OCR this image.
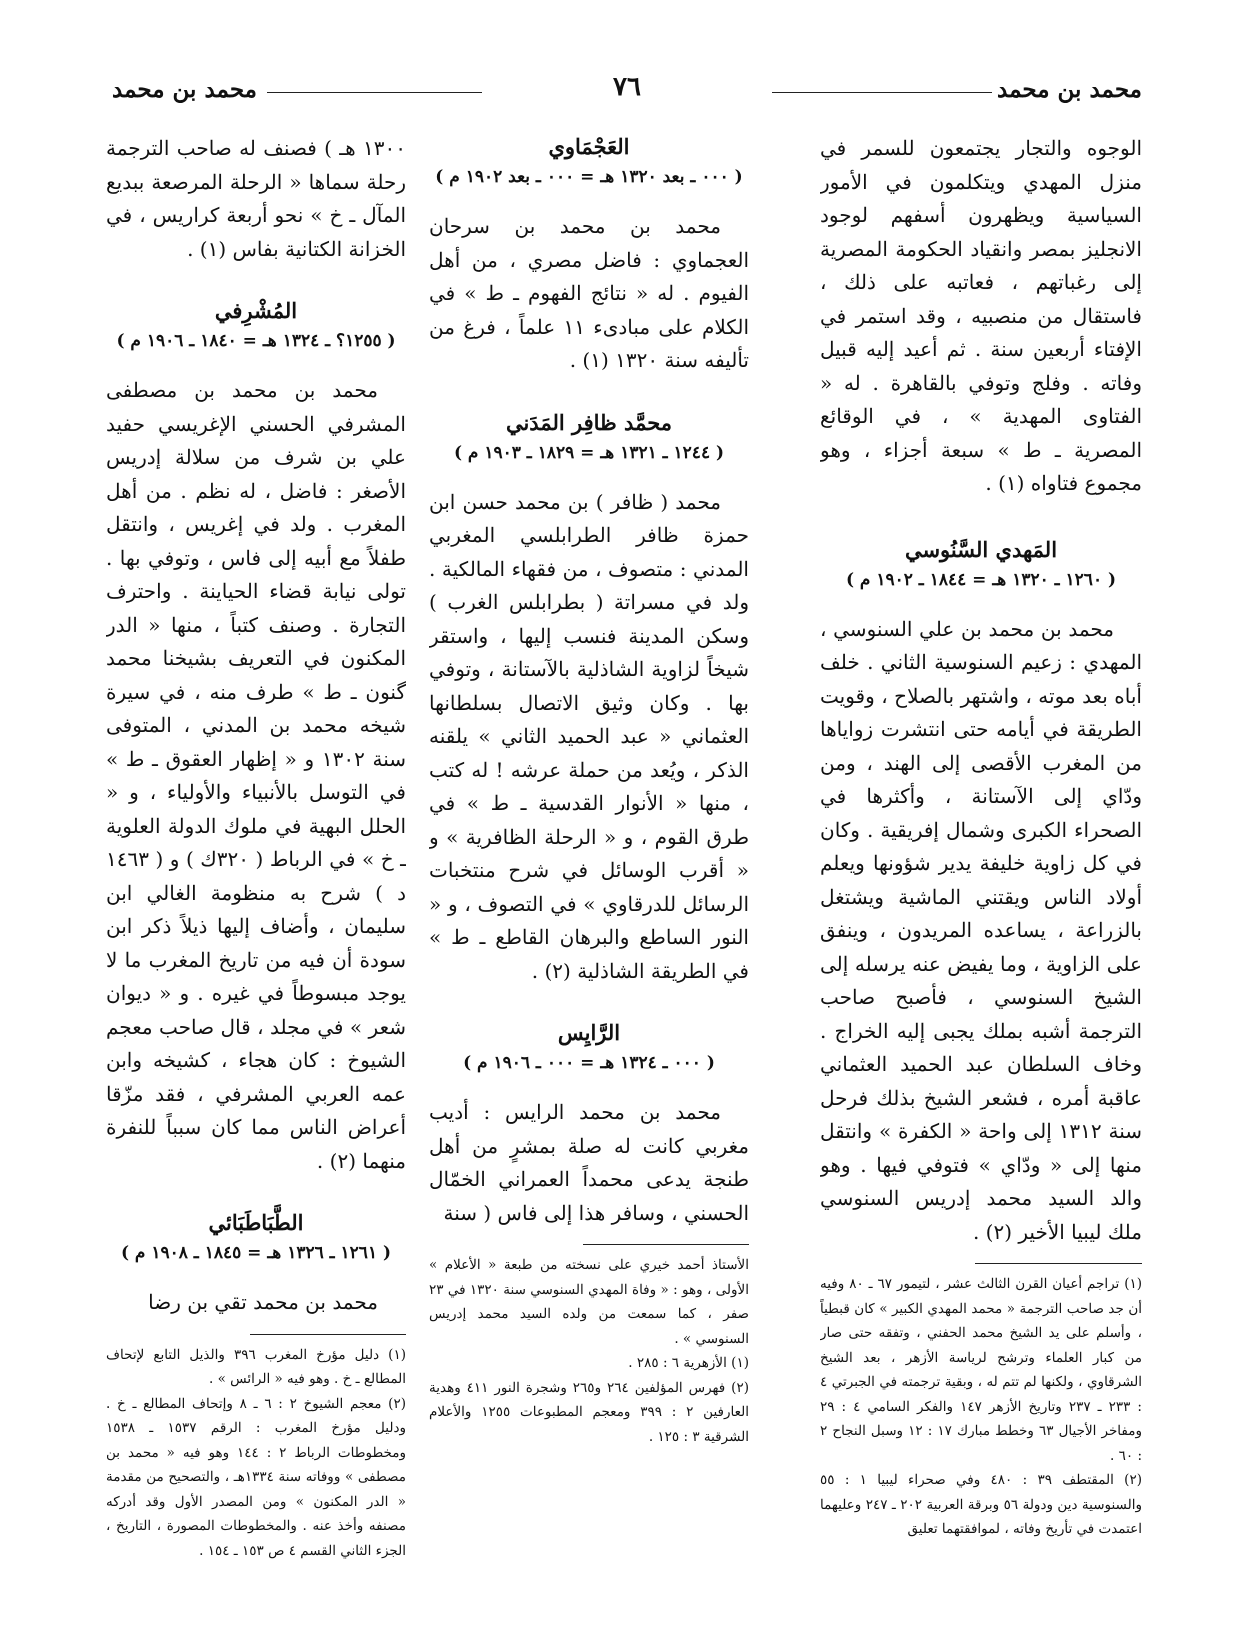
محمد بن محمد
٧٦
محمد بن محمد

الوجوه والتجار يجتمعون للسمر في منزل المهدي ويتكلمون في الأمور السياسية ويظهرون أسفهم لوجود الانجليز بمصر وانقياد الحكومة المصرية إلى رغباتهم ، فعاتبه على ذلك ، فاستقال من منصبيه ، وقد استمر في الإفتاء أربعين سنة . ثم أعيد إليه قبيل وفاته . وفلج وتوفي بالقاهرة . له « الفتاوى المهدية » ، في الوقائع المصرية ـ ط » سبعة أجزاء ، وهو مجموع فتاواه (١) .

المَهدي السَّنُوسي
( ١٢٦٠ ـ ١٣٢٠ هـ = ١٨٤٤ ـ ١٩٠٢ م )

محمد بن محمد بن علي السنوسي ، المهدي : زعيم السنوسية الثاني . خلف أباه بعد موته ، واشتهر بالصلاح ، وقويت الطريقة في أيامه حتى انتشرت زواياها من المغرب الأقصى إلى الهند ، ومن ودّاي إلى الآستانة ، وأكثرها في الصحراء الكبرى وشمال إفريقية . وكان في كل زاوية خليفة يدير شؤونها ويعلم أولاد الناس ويقتني الماشية ويشتغل بالزراعة ، يساعده المريدون ، وينفق على الزاوية ، وما يفيض عنه يرسله إلى الشيخ السنوسي ، فأصبح صاحب الترجمة أشبه بملك يجبى إليه الخراج . وخاف السلطان عبد الحميد العثماني عاقبة أمره ، فشعر الشيخ بذلك فرحل سنة ١٣١٢ إلى واحة « الكفرة » وانتقل منها إلى « ودّاي » فتوفي فيها . وهو والد السيد محمد إدريس السنوسي ملك ليبيا الأخير (٢) .

(١) تراجم أعيان القرن الثالث عشر ، لتيمور ٦٧ ـ ٨٠ وفيه أن جد صاحب الترجمة « محمد المهدي الكبير » كان قبطياً ، وأسلم على يد الشيخ محمد الحفني ، وتفقه حتى صار من كبار العلماء وترشح لرياسة الأزهر ، بعد الشيخ الشرقاوي ، ولكنها لم تتم له ، وبقية ترجمته في الجبرتي ٤ : ٢٣٣ ـ ٢٣٧ وتاريخ الأزهر ١٤٧ والفكر السامي ٤ : ٢٩ ومفاخر الأجيال ٦٣ وخطط مبارك ١٧ : ١٢ وسبل النجاح ٢ : ٦٠ .

(٢) المقتطف ٣٩ : ٤٨٠ وفي صحراء ليبيا ١ : ٥٥ والسنوسية دين ودولة ٥٦ وبرقة العربية ٢٠٢ ـ ٢٤٧ وعليهما اعتمدت في تأريخ وفاته ، لموافقتهما تعليق

العَجْمَاوي
( ٠٠٠ ـ بعد ١٣٢٠ هـ = ٠٠٠ ـ بعد ١٩٠٢ م )

محمد بن محمد بن سرحان العجماوي : فاضل مصري ، من أهل الفيوم . له « نتائج الفهوم ـ ط » في الكلام على مبادىء ١١ علماً ، فرغ من تأليفه سنة ١٣٢٠ (١) .

محمَّد ظافِر المَدَني
( ١٢٤٤ ـ ١٣٢١ هـ = ١٨٢٩ ـ ١٩٠٣ م )

محمد ( ظافر ) بن محمد حسن ابن حمزة ظافر الطرابلسي المغربي المدني : متصوف ، من فقهاء المالكية . ولد في مسراتة ( بطرابلس الغرب ) وسكن المدينة فنسب إليها ، واستقر شيخاً لزاوية الشاذلية بالآستانة ، وتوفي بها . وكان وثيق الاتصال بسلطانها العثماني « عبد الحميد الثاني » يلقنه الذكر ، ويُعد من حملة عرشه ! له كتب ، منها « الأنوار القدسية ـ ط » في طرق القوم ، و « الرحلة الظافرية » و « أقرب الوسائل في شرح منتخبات الرسائل للدرقاوي » في التصوف ، و « النور الساطع والبرهان القاطع ـ ط » في الطريقة الشاذلية (٢) .

الرَّايِس
( ٠٠٠ ـ ١٣٢٤ هـ = ٠٠٠ ـ ١٩٠٦ م )

محمد بن محمد الرايس : أديب مغربي كانت له صلة بمشرٍ من أهل طنجة يدعى محمداً العمراني الخمّال الحسني ، وسافر هذا إلى فاس ( سنة

الأستاذ أحمد خيري على نسخته من طبعة « الأعلام » الأولى ، وهو : « وفاة المهدي السنوسي سنة ١٣٢٠ في ٢٣ صفر ، كما سمعت من ولده السيد محمد إدريس السنوسي » .

(١) الأزهرية ٦ : ٢٨٥ .

(٢) فهرس المؤلفين ٢٦٤ و٢٦٥ وشجرة النور ٤١١ وهدية العارفين ٢ : ٣٩٩ ومعجم المطبوعات ١٢٥٥ والأعلام الشرقية ٣ : ١٢٥ .

١٣٠٠ هـ ) فصنف له صاحب الترجمة رحلة سماها « الرحلة المرصعة ببديع المآل ـ خ » نحو أربعة كراريس ، في الخزانة الكتانية بفاس (١) .

المُشْرِفي
( ١٢٥٥؟ ـ ١٣٢٤ هـ = ١٨٤٠ ـ ١٩٠٦ م )

محمد بن محمد بن مصطفى المشرفي الحسني الإغريسي حفيد علي بن شرف من سلالة إدريس الأصغر : فاضل ، له نظم . من أهل المغرب . ولد في إغريس ، وانتقل طفلاً مع أبيه إلى فاس ، وتوفي بها . تولى نيابة قضاء الحياينة . واحترف التجارة . وصنف كتباً ، منها « الدر المكنون في التعريف بشيخنا محمد گنون ـ ط » طرف منه ، في سيرة شيخه محمد بن المدني ، المتوفى سنة ١٣٠٢ و « إظهار العقوق ـ ط » في التوسل بالأنبياء والأولياء ، و « الحلل البهية في ملوك الدولة العلوية ـ خ » في الرباط ( ٣٢٠ك ) و ( ١٤٦٣ د ) شرح به منظومة الغالي ابن سليمان ، وأضاف إليها ذيلاً ذكر ابن سودة أن فيه من تاريخ المغرب ما لا يوجد مبسوطاً في غيره . و « ديوان شعر » في مجلد ، قال صاحب معجم الشيوخ : كان هجاء ، كشيخه وابن عمه العربي المشرفي ، فقد مزّقا أعراض الناس مما كان سبباً للنفرة منهما (٢) .

الطَّبَاطَبَائي
( ١٢٦١ ـ ١٣٢٦ هـ = ١٨٤٥ ـ ١٩٠٨ م )

محمد بن محمد تقي بن رضا

(١) دليل مؤرخ المغرب ٣٩٦ والذيل التابع لإتحاف المطالع ـ خ . وهو فيه « الرائس » .

(٢) معجم الشيوخ ٢ : ٦ ـ ٨ وإتحاف المطالع ـ خ . ودليل مؤرخ المغرب : الرقم ١٥٣٧ ـ ١٥٣٨ ومخطوطات الرباط ٢ : ١٤٤ وهو فيه « محمد بن مصطفى » ووفاته سنة ١٣٣٤هـ ، والتصحيح من مقدمة « الدر المكنون » ومن المصدر الأول وقد أدركه مصنفه وأخذ عنه . والمخطوطات المصورة ، التاريخ ، الجزء الثاني القسم ٤ ص ١٥٣ ـ ١٥٤ .
